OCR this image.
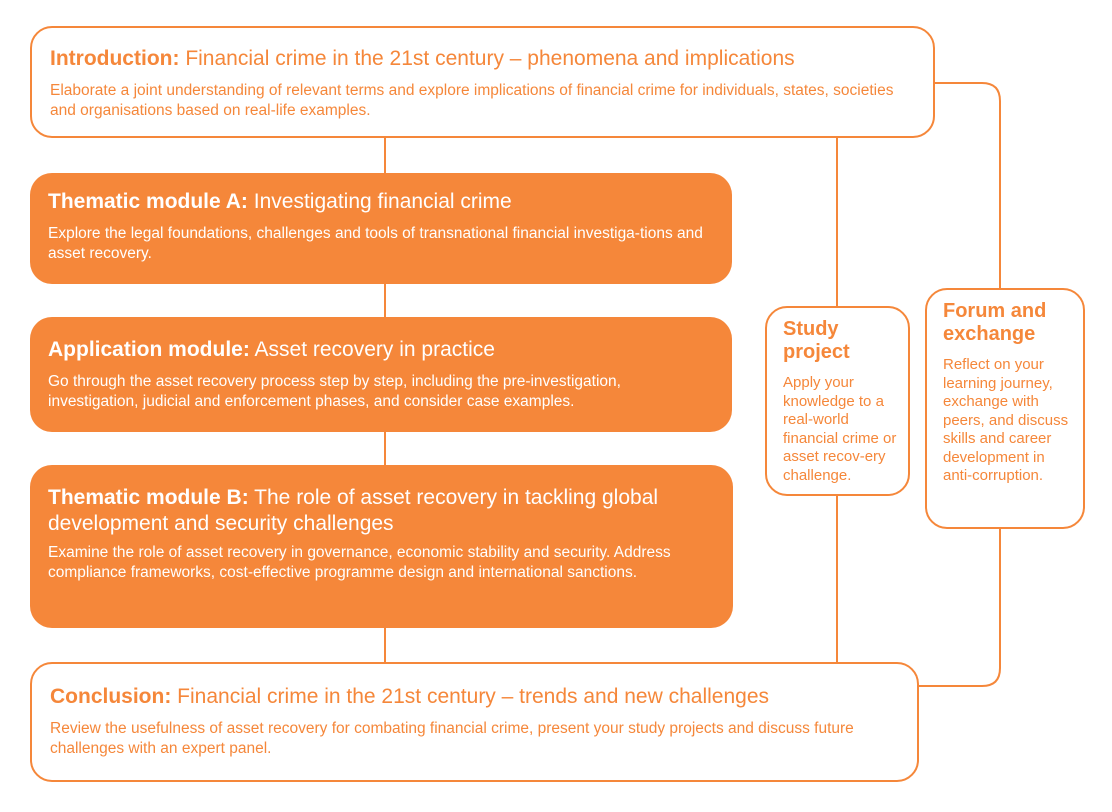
Introduction: Financial crime in the 21st century – phenomena and implications

Elaborate a joint understanding of relevant terms and explore implications of financial crime for individuals, states, societies and organisations based on real-life examples.

Thematic module A: Investigating financial crime

Explore the legal foundations, challenges and tools of transnational financial investiga-tions and asset recovery.

Application module: Asset recovery in practice

Go through the asset recovery process step by step, including the pre-investigation, investigation, judicial and enforcement phases, and consider case examples.

Thematic module B: The role of asset recovery in tackling global development and security challenges

Examine the role of asset recovery in governance, economic stability and security. Address compliance frameworks, cost-effective programme design and international sanctions.

Conclusion: Financial crime in the 21st century – trends and new challenges

Review the usefulness of asset recovery for combating financial crime, present your study projects and discuss future challenges with an expert panel.

Study project

Apply your knowledge to a real-world financial crime or asset recov-ery challenge.

Forum and exchange

Reflect on your learning journey, exchange with peers, and discuss skills and career development in anti-corruption.
